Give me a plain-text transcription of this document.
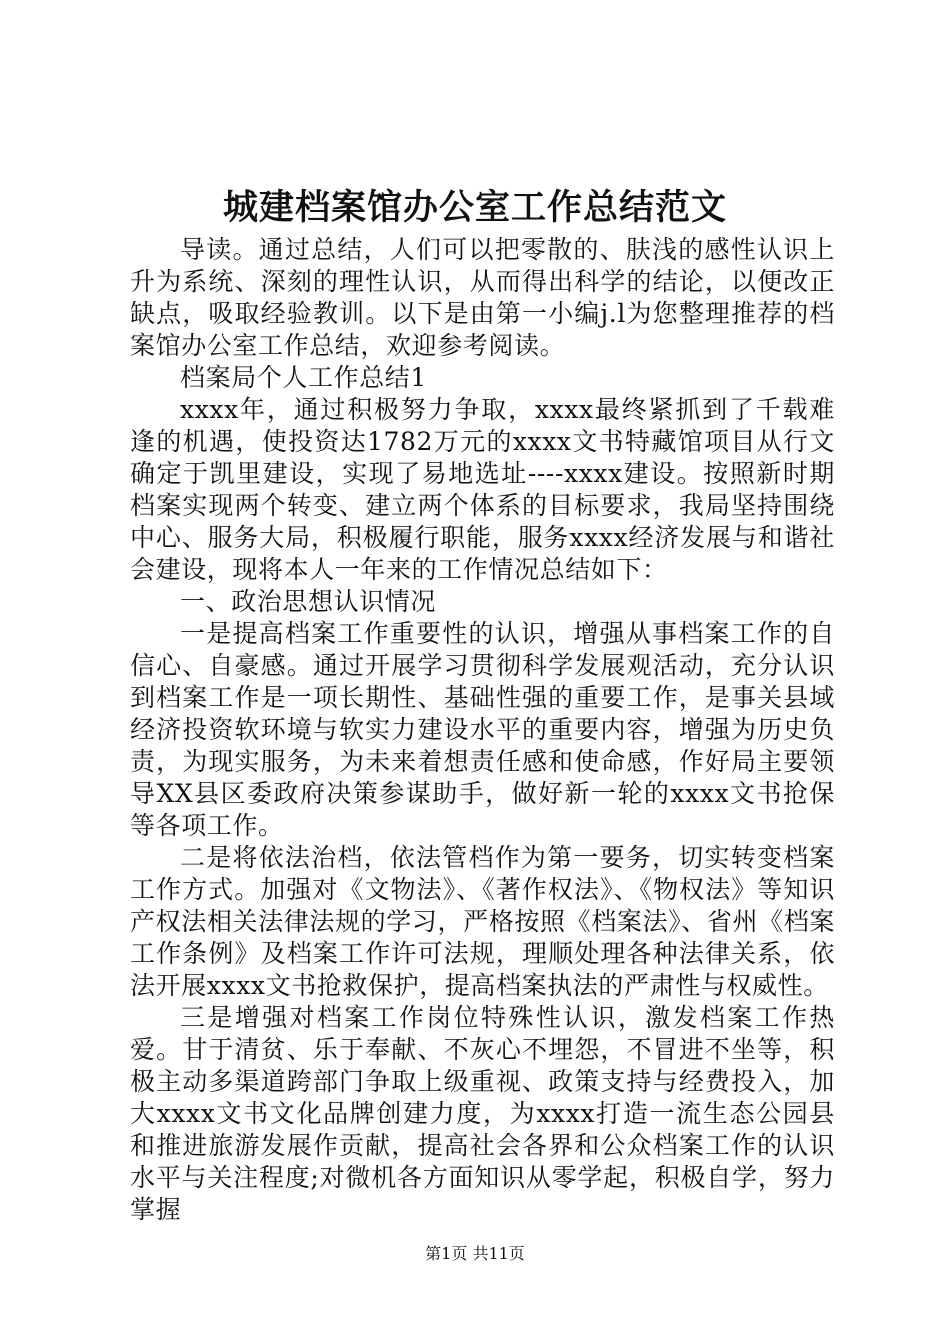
城建档案馆办公室工作总结范文

导读。通过总结，人们可以把零散的、肤浅的感性认识上升为系统、深刻的理性认识，从而得出科学的结论，以便改正缺点，吸取经验教训。以下是由第一小编j.l为您整理推荐的档案馆办公室工作总结，欢迎参考阅读。

档案局个人工作总结1

xxxx年，通过积极努力争取，xxxx最终紧抓到了千载难逢的机遇，使投资达1782万元的xxxx文书特藏馆项目从行文确定于凯里建设，实现了易地选址----xxxx建设。按照新时期档案实现两个转变、建立两个体系的目标要求，我局坚持围绕中心、服务大局，积极履行职能，服务xxxx经济发展与和谐社会建设，现将本人一年来的工作情况总结如下：

一、政治思想认识情况

一是提高档案工作重要性的认识，增强从事档案工作的自信心、自豪感。通过开展学习贯彻科学发展观活动，充分认识到档案工作是一项长期性、基础性强的重要工作，是事关县域经济投资软环境与软实力建设水平的重要内容，增强为历史负责，为现实服务，为未来着想责任感和使命感，作好局主要领导XX县区委政府决策参谋助手，做好新一轮的xxxx文书抢保等各项工作。

二是将依法治档，依法管档作为第一要务，切实转变档案工作方式。加强对《文物法》、《著作权法》、《物权法》等知识产权法相关法律法规的学习，严格按照《档案法》、省州《档案工作条例》及档案工作许可法规，理顺处理各种法律关系，依法开展xxxx文书抢救保护，提高档案执法的严肃性与权威性。

三是增强对档案工作岗位特殊性认识，激发档案工作热爱。甘于清贫、乐于奉献、不灰心不埋怨，不冒进不坐等，积极主动多渠道跨部门争取上级重视、政策支持与经费投入，加大xxxx文书文化品牌创建力度，为xxxx打造一流生态公园县和推进旅游发展作贡献，提高社会各界和公众档案工作的认识水平与关注程度;对微机各方面知识从零学起，积极自学，努力掌握

第1页 共11页
